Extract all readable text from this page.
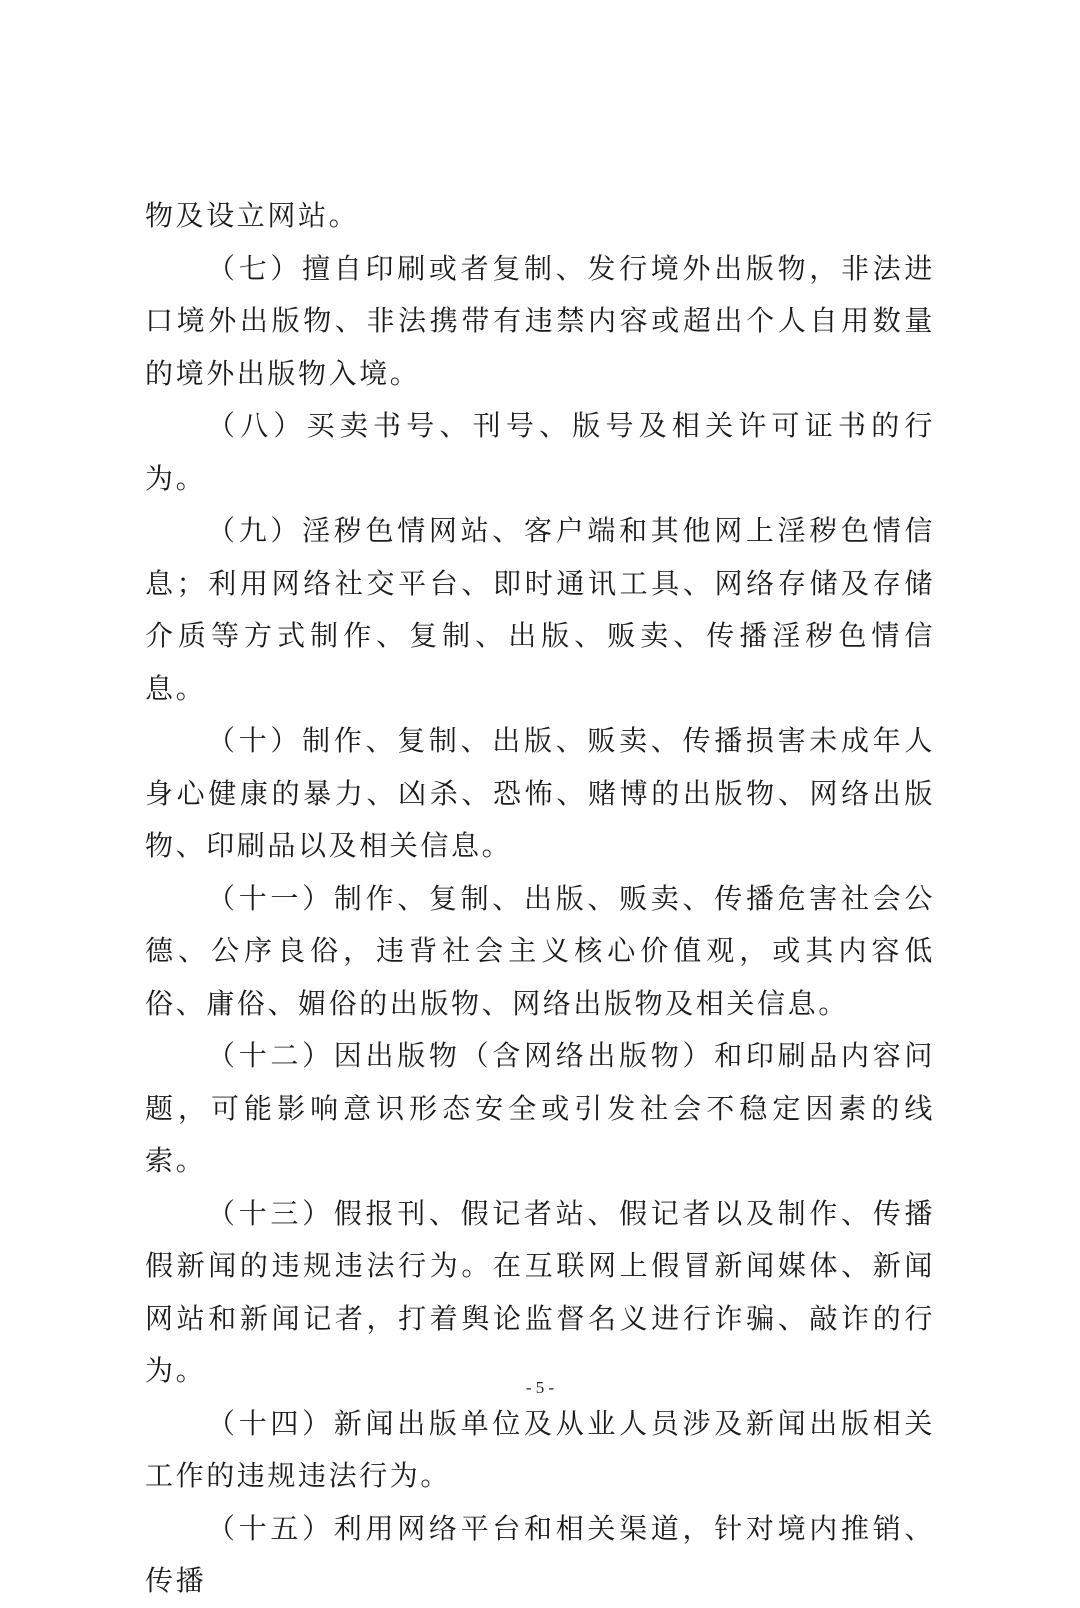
物及设立网站。

（七）擅自印刷或者复制、发行境外出版物，非法进口境外出版物、非法携带有违禁内容或超出个人自用数量的境外出版物入境。

（八）买卖书号、刊号、版号及相关许可证书的行为。

（九）淫秽色情网站、客户端和其他网上淫秽色情信息；利用网络社交平台、即时通讯工具、网络存储及存储介质等方式制作、复制、出版、贩卖、传播淫秽色情信息。

（十）制作、复制、出版、贩卖、传播损害未成年人身心健康的暴力、凶杀、恐怖、赌博的出版物、网络出版物、印刷品以及相关信息。

（十一）制作、复制、出版、贩卖、传播危害社会公德、公序良俗，违背社会主义核心价值观，或其内容低俗、庸俗、媚俗的出版物、网络出版物及相关信息。

（十二）因出版物（含网络出版物）和印刷品内容问题，可能影响意识形态安全或引发社会不稳定因素的线索。

（十三）假报刊、假记者站、假记者以及制作、传播假新闻的违规违法行为。在互联网上假冒新闻媒体、新闻网站和新闻记者，打着舆论监督名义进行诈骗、敲诈的行为。

（十四）新闻出版单位及从业人员涉及新闻出版相关工作的违规违法行为。

（十五）利用网络平台和相关渠道，针对境内推销、传播

- 5 -
